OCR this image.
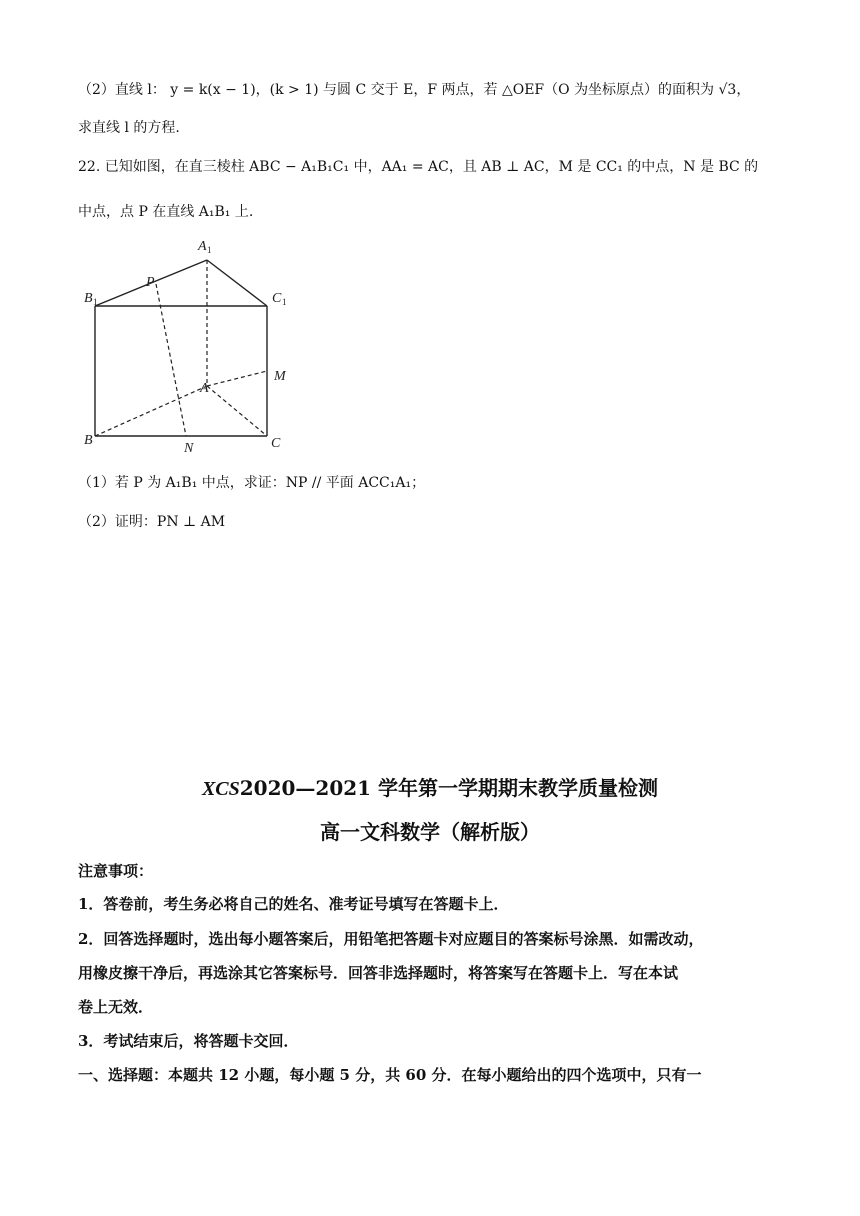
（2）直线 l： y = k(x − 1)，(k > 1) 与圆 C 交于 E，F 两点，若 △OEF（O 为坐标原点）的面积为 √3，
求直线 l 的方程.
22. 已知如图，在直三棱柱 ABC − A₁B₁C₁ 中，AA₁ = AC，且 AB ⊥ AC，M 是 CC₁ 的中点，N 是 BC 的
中点，点 P 在直线 A₁B₁ 上.
A 1
B 1	C 1
P
A
M
B
N	C
（1）若 P 为 A₁B₁ 中点，求证：NP // 平面 ACC₁A₁；
（2）证明：PN ⊥ AM
XCS2020—2021 学年第一学期期末教学质量检测
高一文科数学（解析版）
注意事项：
1．答卷前，考生务必将自己的姓名、准考证号填写在答题卡上．
2．回答选择题时，选出每小题答案后，用铅笔把答题卡对应题目的答案标号涂黑．如需改动，
用橡皮擦干净后，再选涂其它答案标号．回答非选择题时，将答案写在答题卡上．写在本试
卷上无效．
3．考试结束后，将答题卡交回．
一、选择题：本题共 12 小题，每小题 5 分，共 60 分．在每小题给出的四个选项中，只有一
